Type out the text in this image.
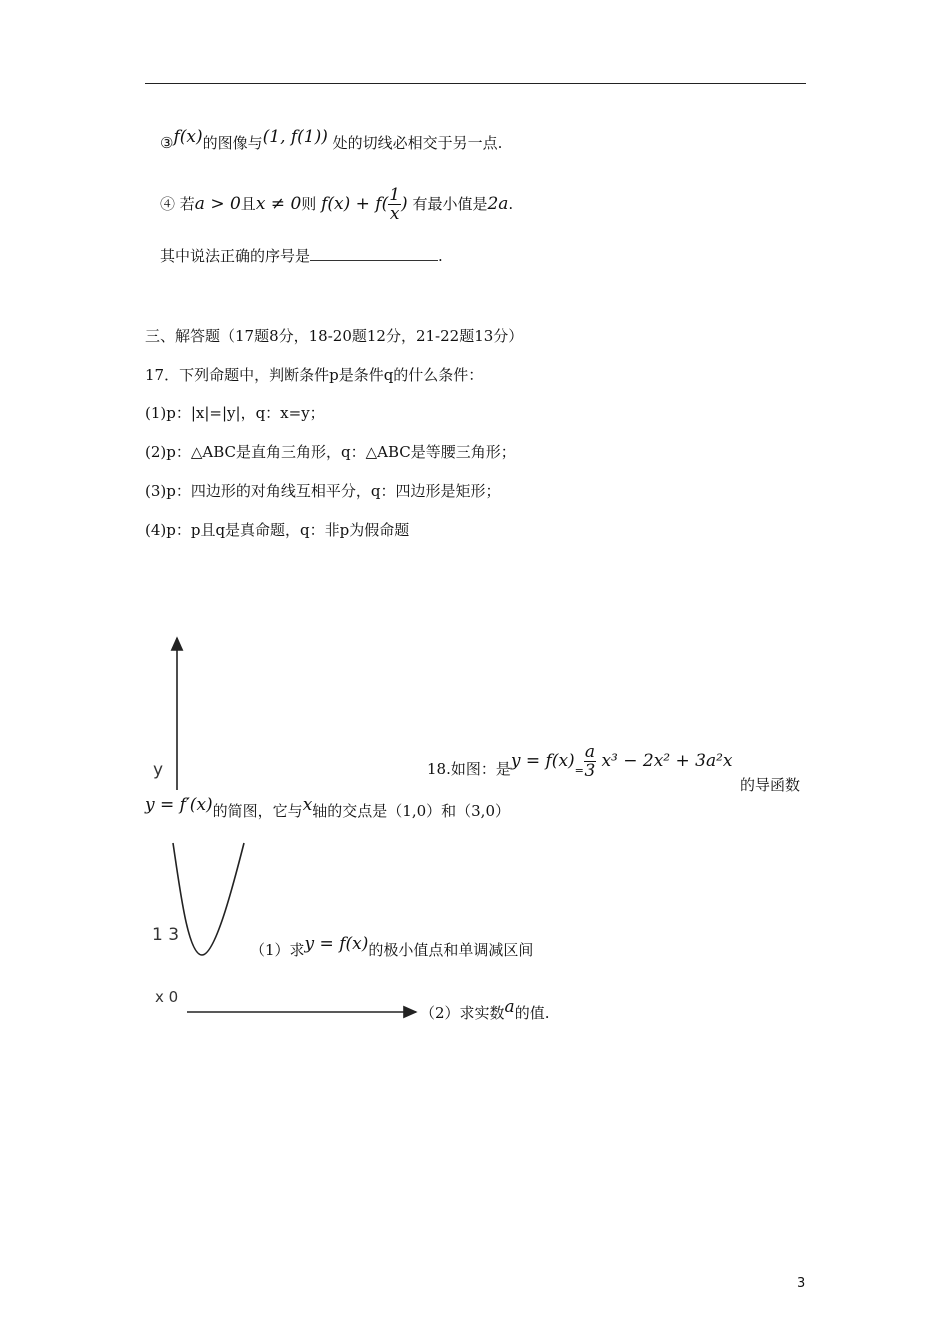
③f(x)的图像与(1, f(1)) 处的切线必相交于另一点.
④ 若a > 0且x ≠ 0则 $f(x) + f( \frac{1}{x}$ ) 有最小值是2a.
其中说法正确的序号是	.
三、解答题（17题8分，18-20题12分，21-22题13分）
17．下列命题中，判断条件p是条件q的什么条件：
(1)p：|x|=|y|，q：x=y；
(2)p：△ABC是直角三角形，q：△ABC是等腰三角形；
(3)p：四边形的对角线互相平分，q：四边形是矩形；
(4)p：p且q是真命题，q：非p为假命题
y
1 3
x 0
18.如图：是$y = f(x)= \frac{a}{3} x^3 - 2x^2 + 3a^2x$
的导函数
y = f′(x)的简图，它与x轴的交点是（1,0）和（3,0）
（1）求y = f(x)的极小值点和单调减区间
（2）求实数a的值.
3
